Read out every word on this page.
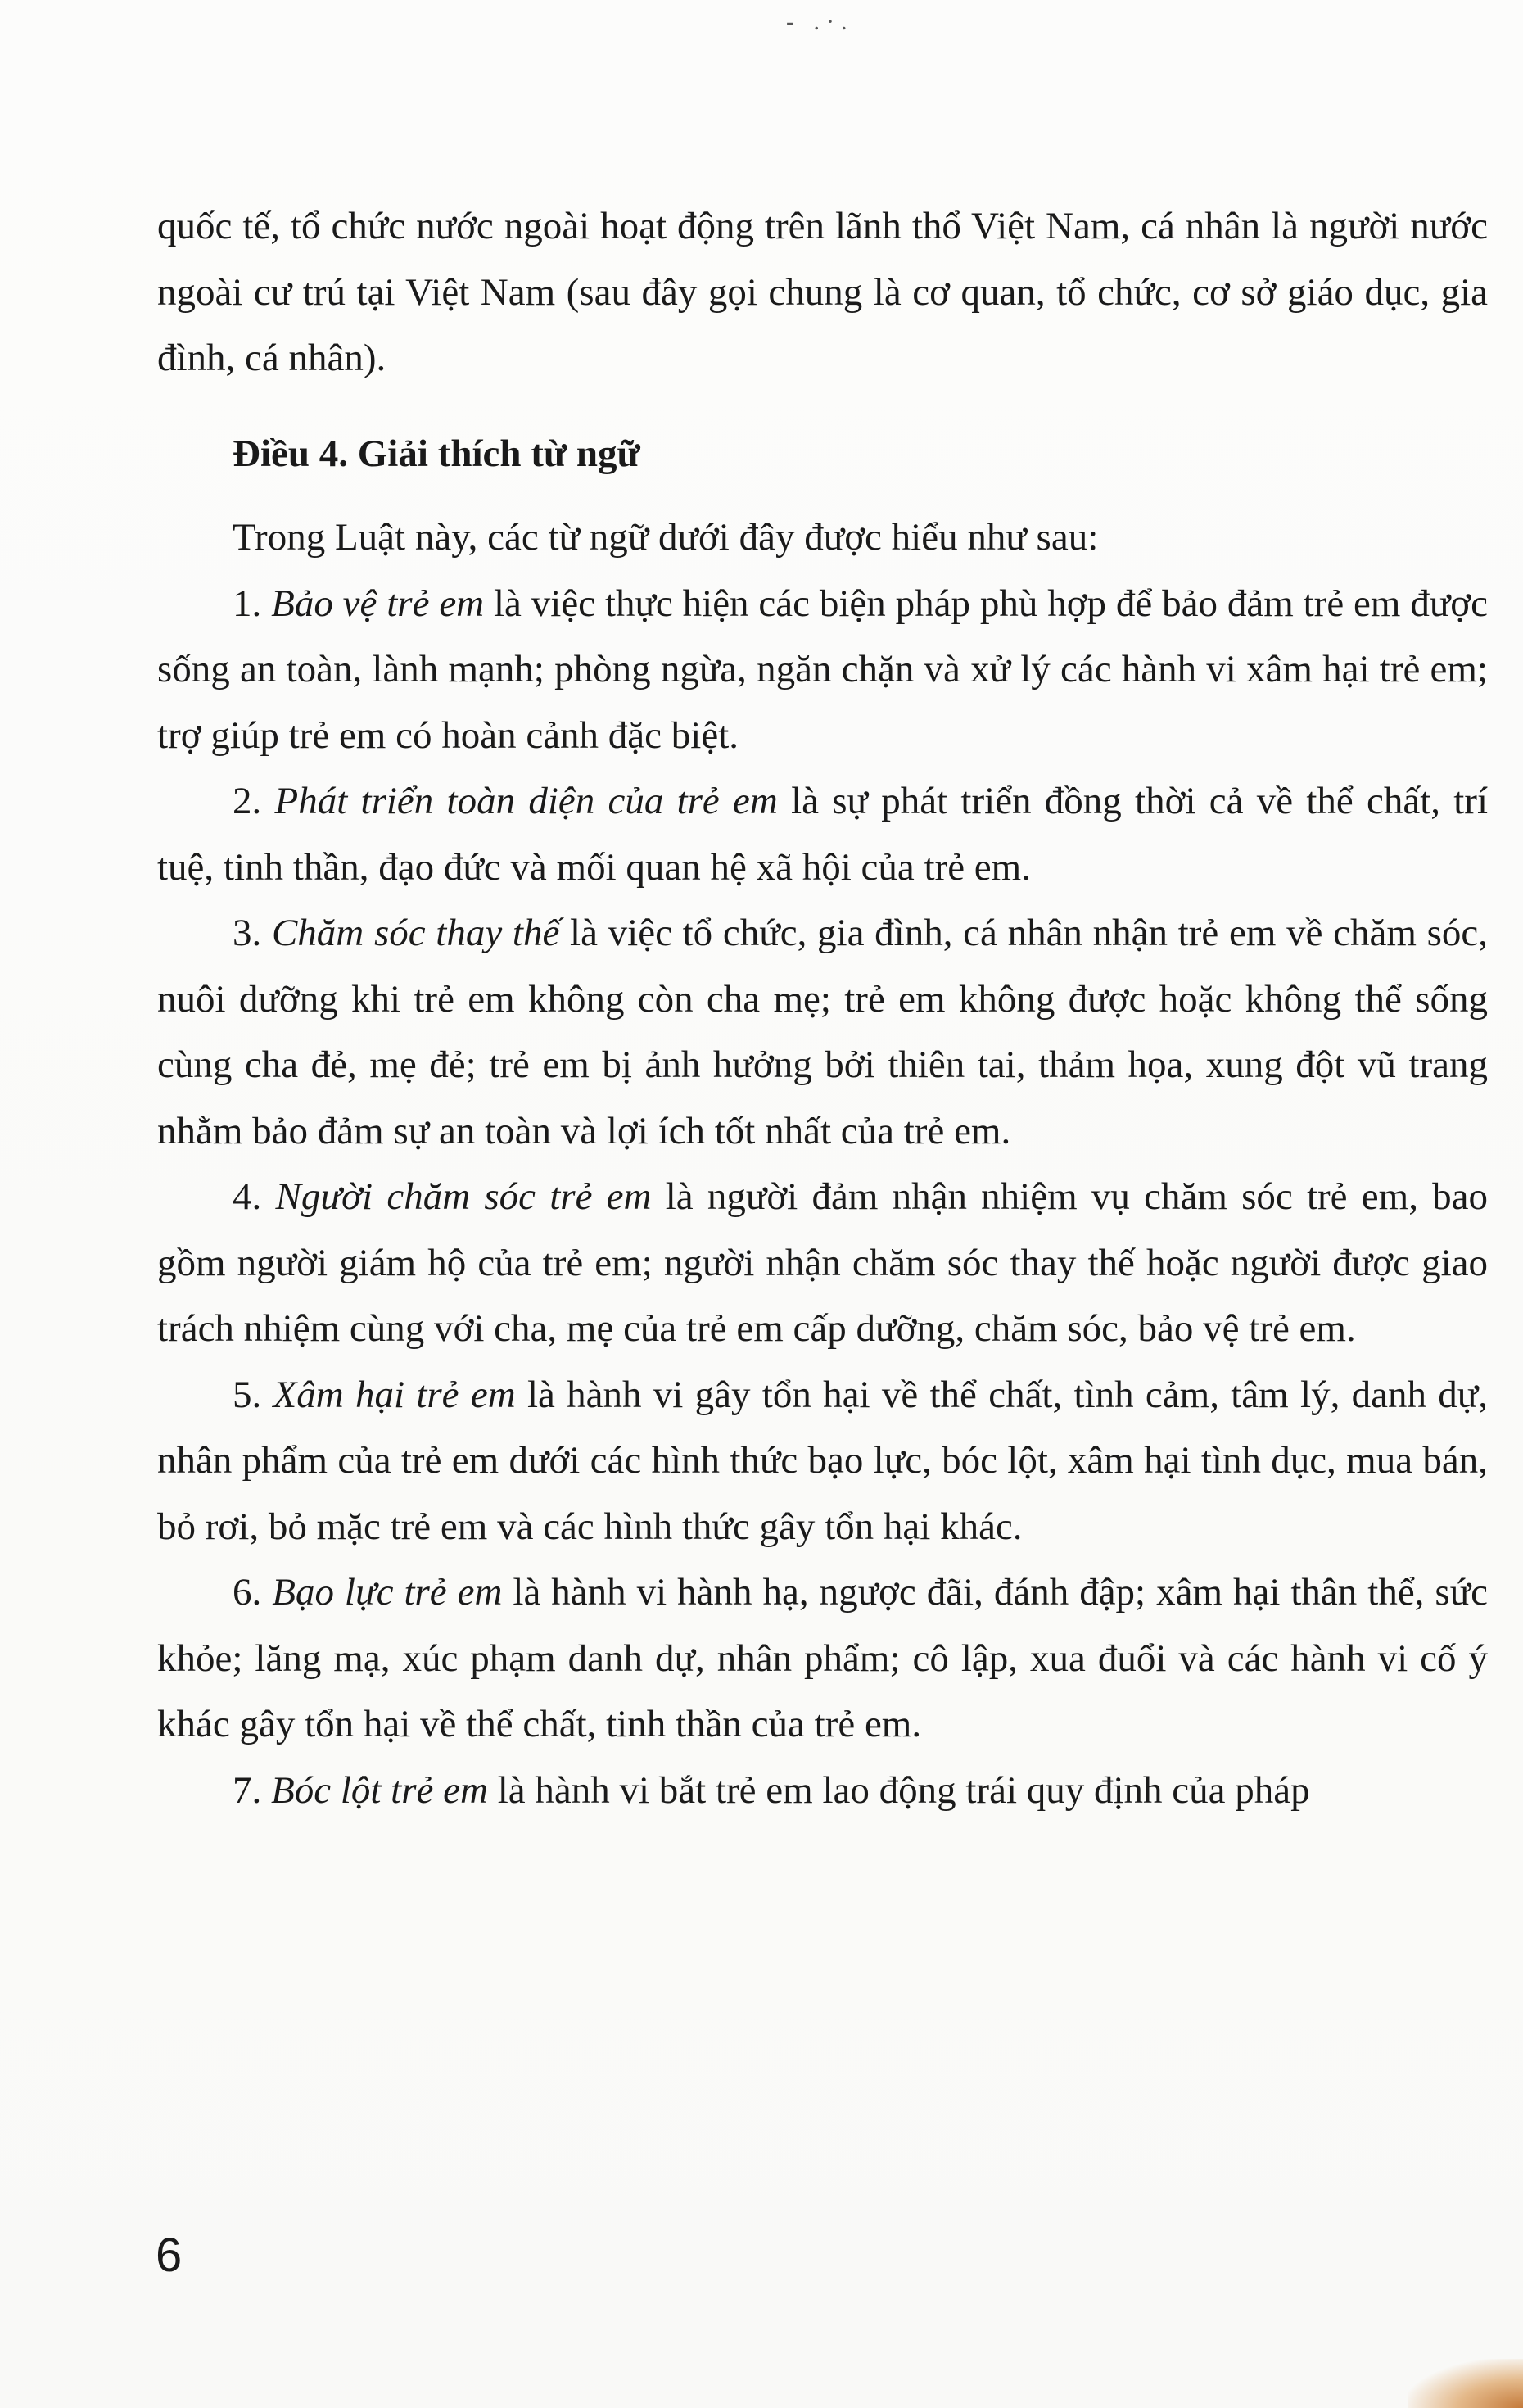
- .·.

quốc tế, tổ chức nước ngoài hoạt động trên lãnh thổ Việt Nam, cá nhân là người nước ngoài cư trú tại Việt Nam (sau đây gọi chung là cơ quan, tổ chức, cơ sở giáo dục, gia đình, cá nhân).

Điều 4. Giải thích từ ngữ

Trong Luật này, các từ ngữ dưới đây được hiểu như sau:

1. Bảo vệ trẻ em là việc thực hiện các biện pháp phù hợp để bảo đảm trẻ em được sống an toàn, lành mạnh; phòng ngừa, ngăn chặn và xử lý các hành vi xâm hại trẻ em; trợ giúp trẻ em có hoàn cảnh đặc biệt.

2. Phát triển toàn diện của trẻ em là sự phát triển đồng thời cả về thể chất, trí tuệ, tinh thần, đạo đức và mối quan hệ xã hội của trẻ em.

3. Chăm sóc thay thế là việc tổ chức, gia đình, cá nhân nhận trẻ em về chăm sóc, nuôi dưỡng khi trẻ em không còn cha mẹ; trẻ em không được hoặc không thể sống cùng cha đẻ, mẹ đẻ; trẻ em bị ảnh hưởng bởi thiên tai, thảm họa, xung đột vũ trang nhằm bảo đảm sự an toàn và lợi ích tốt nhất của trẻ em.

4. Người chăm sóc trẻ em là người đảm nhận nhiệm vụ chăm sóc trẻ em, bao gồm người giám hộ của trẻ em; người nhận chăm sóc thay thế hoặc người được giao trách nhiệm cùng với cha, mẹ của trẻ em cấp dưỡng, chăm sóc, bảo vệ trẻ em.

5. Xâm hại trẻ em là hành vi gây tổn hại về thể chất, tình cảm, tâm lý, danh dự, nhân phẩm của trẻ em dưới các hình thức bạo lực, bóc lột, xâm hại tình dục, mua bán, bỏ rơi, bỏ mặc trẻ em và các hình thức gây tổn hại khác.

6. Bạo lực trẻ em là hành vi hành hạ, ngược đãi, đánh đập; xâm hại thân thể, sức khỏe; lăng mạ, xúc phạm danh dự, nhân phẩm; cô lập, xua đuổi và các hành vi cố ý khác gây tổn hại về thể chất, tinh thần của trẻ em.

7. Bóc lột trẻ em là hành vi bắt trẻ em lao động trái quy định của pháp

6
